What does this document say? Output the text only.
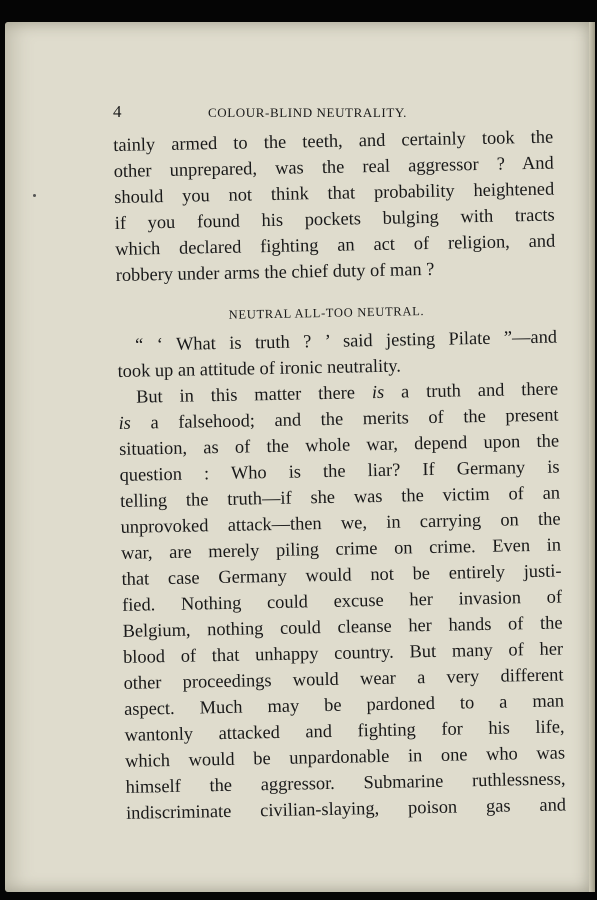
4	COLOUR-BLIND NEUTRALITY.
tainly armed to the teeth, and certainly took the
other unprepared, was the real aggressor ? And
should you not think that probability heightened
if you found his pockets bulging with tracts
which declared fighting an act of religion, and
robbery under arms the chief duty of man ?
NEUTRAL ALL-TOO NEUTRAL.
“ ‘ What is truth ? ’ said jesting Pilate ”—and
took up an attitude of ironic neutrality.
But in this matter there is a truth and there
is a falsehood; and the merits of the present
situation, as of the whole war, depend upon the
question : Who is the liar? If Germany is
telling the truth—if she was the victim of an
unprovoked attack—then we, in carrying on the
war, are merely piling crime on crime. Even in
that case Germany would not be entirely justi-
fied. Nothing could excuse her invasion of
Belgium, nothing could cleanse her hands of the
blood of that unhappy country. But many of her
other proceedings would wear a very different
aspect. Much may be pardoned to a man
wantonly attacked and fighting for his life,
which would be unpardonable in one who was
himself the aggressor. Submarine ruthlessness,
indiscriminate civilian-slaying, poison gas and
